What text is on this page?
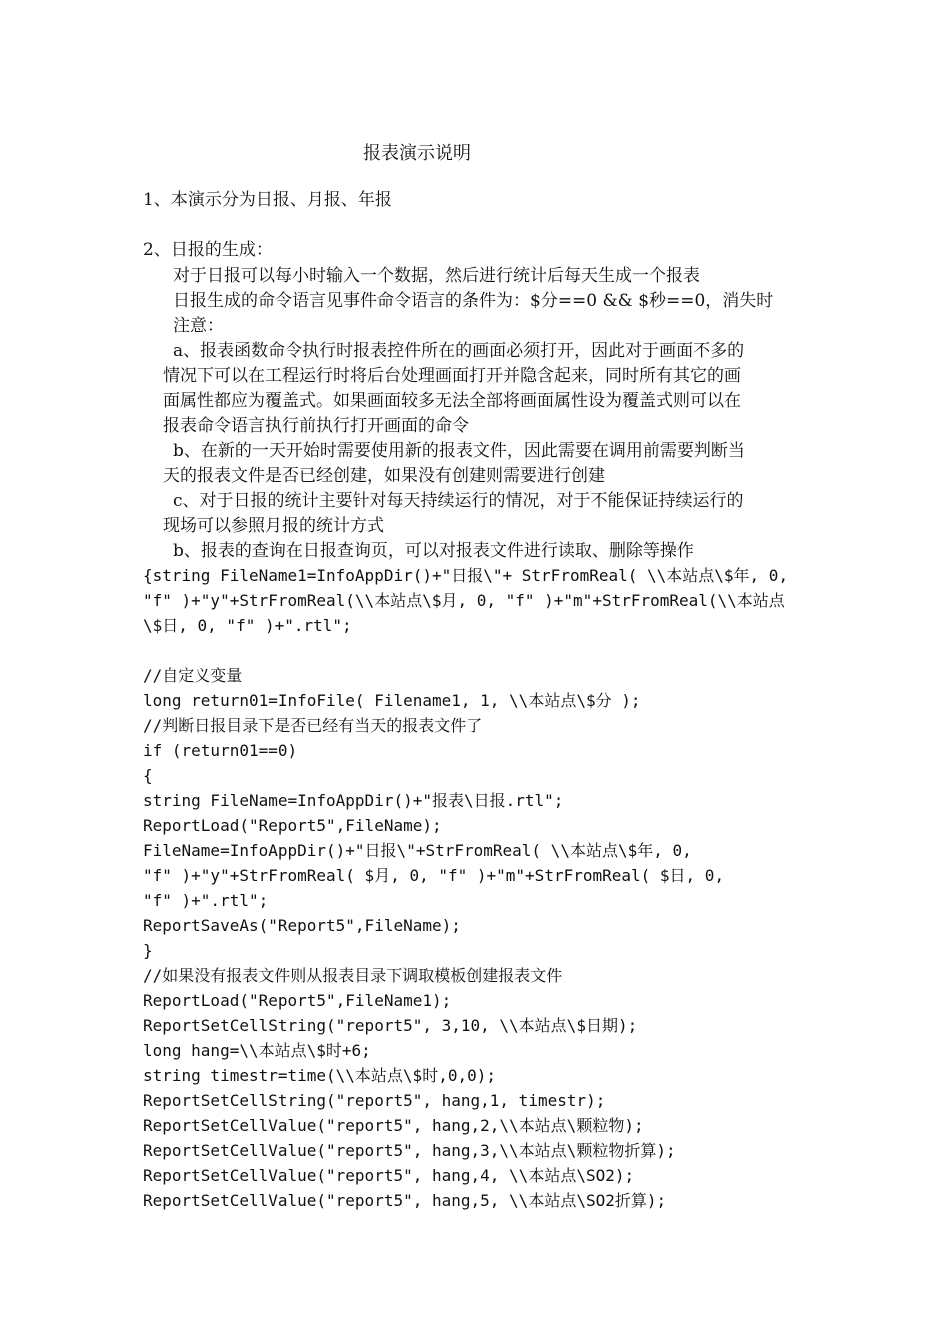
报表演示说明
1、本演示分为日报、月报、年报
2、日报的生成：
对于日报可以每小时输入一个数据，然后进行统计后每天生成一个报表
日报生成的命令语言见事件命令语言的条件为：$分==0 && $秒==0，消失时
注意：
a、报表函数命令执行时报表控件所在的画面必须打开，因此对于画面不多的
情况下可以在工程运行时将后台处理画面打开并隐含起来，同时所有其它的画
面属性都应为覆盖式。如果画面较多无法全部将画面属性设为覆盖式则可以在
报表命令语言执行前执行打开画面的命令
b、在新的一天开始时需要使用新的报表文件，因此需要在调用前需要判断当
天的报表文件是否已经创建，如果没有创建则需要进行创建
c、对于日报的统计主要针对每天持续运行的情况，对于不能保证持续运行的
现场可以参照月报的统计方式
b、报表的查询在日报查询页，可以对报表文件进行读取、删除等操作
{string FileName1=InfoAppDir()+"日报\"+ StrFromReal( \\本站点\$年, 0,
"f" )+"y"+StrFromReal(\\本站点\$月, 0, "f" )+"m"+StrFromReal(\\本站点
\$日, 0, "f" )+".rtl";
//自定义变量
long return01=InfoFile( Filename1, 1, \\本站点\$分 );
//判断日报目录下是否已经有当天的报表文件了
if (return01==0)
{
string FileName=InfoAppDir()+"报表\日报.rtl";
ReportLoad("Report5",FileName);
FileName=InfoAppDir()+"日报\"+StrFromReal( \\本站点\$年, 0,
"f" )+"y"+StrFromReal( $月, 0, "f" )+"m"+StrFromReal( $日, 0,
"f" )+".rtl";
ReportSaveAs("Report5",FileName);
}
//如果没有报表文件则从报表目录下调取模板创建报表文件
ReportLoad("Report5",FileName1);
ReportSetCellString("report5", 3,10, \\本站点\$日期);
long hang=\\本站点\$时+6;
string timestr=time(\\本站点\$时,0,0);
ReportSetCellString("report5", hang,1, timestr);
ReportSetCellValue("report5", hang,2,\\本站点\颗粒物);
ReportSetCellValue("report5", hang,3,\\本站点\颗粒物折算);
ReportSetCellValue("report5", hang,4, \\本站点\SO2);
ReportSetCellValue("report5", hang,5, \\本站点\SO2折算);
